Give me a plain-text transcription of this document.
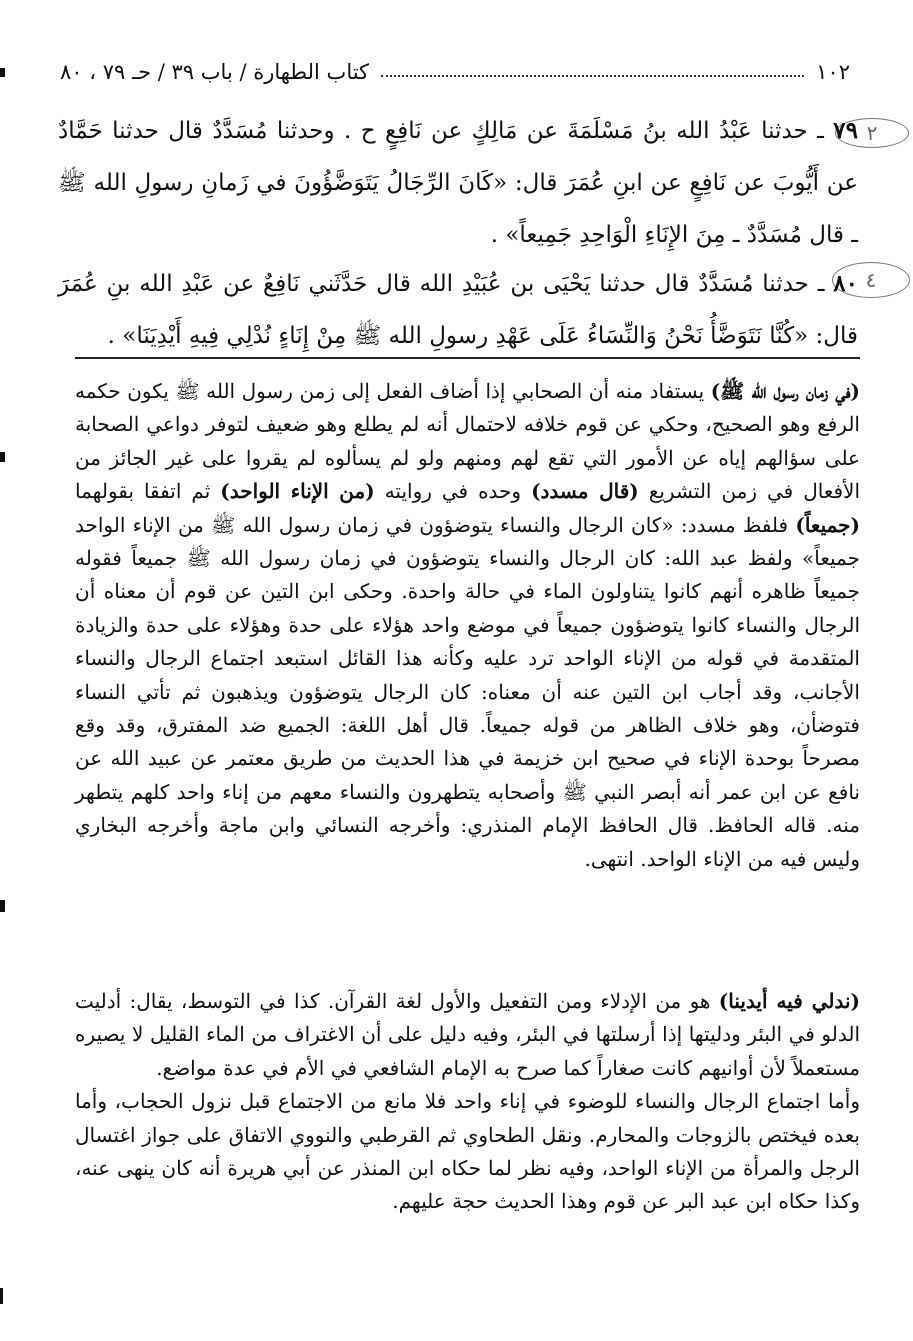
١٠٢
كتاب الطهارة / باب ٣٩ / حـ ٧٩ ، ٨٠
٢
٤
٧٩ ـ حدثنا عَبْدُ الله بنُ مَسْلَمَةَ عن مَالِكٍ عن نَافِعٍ ح . وحدثنا مُسَدَّدٌ قال حدثنا حَمَّادٌ عن أَيُّوبَ عن نَافِعٍ عن ابنِ عُمَرَ قال: «كَانَ الرِّجَالُ يَتَوَضَّؤُونَ في زَمانِ رسولِ الله ﷺ ـ قال مُسَدَّدٌ ـ مِنَ الإِنَاءِ الْوَاحِدِ جَمِيعاً» .
٨٠ ـ حدثنا مُسَدَّدٌ قال حدثنا يَحْيَى بن عُبَيْدِ الله قال حَدَّثَني نَافِعٌ عن عَبْدِ الله بنِ عُمَرَ قال: «كُنَّا نَتَوَضَّأُ نَحْنُ وَالنِّسَاءُ عَلَى عَهْدِ رسولِ الله ﷺ مِنْ إِنَاءٍ نُدْلِي فِيهِ أَيْدِيَنَا» .
(في زمان رسول الله ﷺ) يستفاد منه أن الصحابي إذا أضاف الفعل إلى زمن رسول الله ﷺ يكون حكمه الرفع وهو الصحيح، وحكي عن قوم خلافه لاحتمال أنه لم يطلع وهو ضعيف لتوفر دواعي الصحابة على سؤالهم إياه عن الأمور التي تقع لهم ومنهم ولو لم يسألوه لم يقروا على غير الجائز من الأفعال في زمن التشريع (قال مسدد) وحده في روايته (من الإناء الواحد) ثم اتفقا بقولهما (جميعاً) فلفظ مسدد: «كان الرجال والنساء يتوضؤون في زمان رسول الله ﷺ من الإناء الواحد جميعاً» ولفظ عبد الله: كان الرجال والنساء يتوضؤون في زمان رسول الله ﷺ جميعاً فقوله جميعاً ظاهره أنهم كانوا يتناولون الماء في حالة واحدة. وحكى ابن التين عن قوم أن معناه أن الرجال والنساء كانوا يتوضؤون جميعاً في موضع واحد هؤلاء على حدة وهؤلاء على حدة والزيادة المتقدمة في قوله من الإناء الواحد ترد عليه وكأنه هذا القائل استبعد اجتماع الرجال والنساء الأجانب، وقد أجاب ابن التين عنه أن معناه: كان الرجال يتوضؤون ويذهبون ثم تأتي النساء فتوضأن، وهو خلاف الظاهر من قوله جميعاً. قال أهل اللغة: الجميع ضد المفترق، وقد وقع مصرحاً بوحدة الإناء في صحيح ابن خزيمة في هذا الحديث من طريق معتمر عن عبيد الله عن نافع عن ابن عمر أنه أبصر النبي ﷺ وأصحابه يتطهرون والنساء معهم من إناء واحد كلهم يتطهر منه. قاله الحافظ. قال الحافظ الإمام المنذري: وأخرجه النسائي وابن ماجة وأخرجه البخاري وليس فيه من الإناء الواحد. انتهى.
(ندلي فيه أيدينا) هو من الإدلاء ومن التفعيل والأول لغة القرآن. كذا في التوسط، يقال: أدليت الدلو في البئر ودليتها إذا أرسلتها في البئر، وفيه دليل على أن الاغتراف من الماء القليل لا يصيره مستعملاً لأن أوانيهم كانت صغاراً كما صرح به الإمام الشافعي في الأم في عدة مواضع.
وأما اجتماع الرجال والنساء للوضوء في إناء واحد فلا مانع من الاجتماع قبل نزول الحجاب، وأما بعده فيختص بالزوجات والمحارم. ونقل الطحاوي ثم القرطبي والنووي الاتفاق على جواز اغتسال الرجل والمرأة من الإناء الواحد، وفيه نظر لما حكاه ابن المنذر عن أبي هريرة أنه كان ينهى عنه، وكذا حكاه ابن عبد البر عن قوم وهذا الحديث حجة عليهم.
